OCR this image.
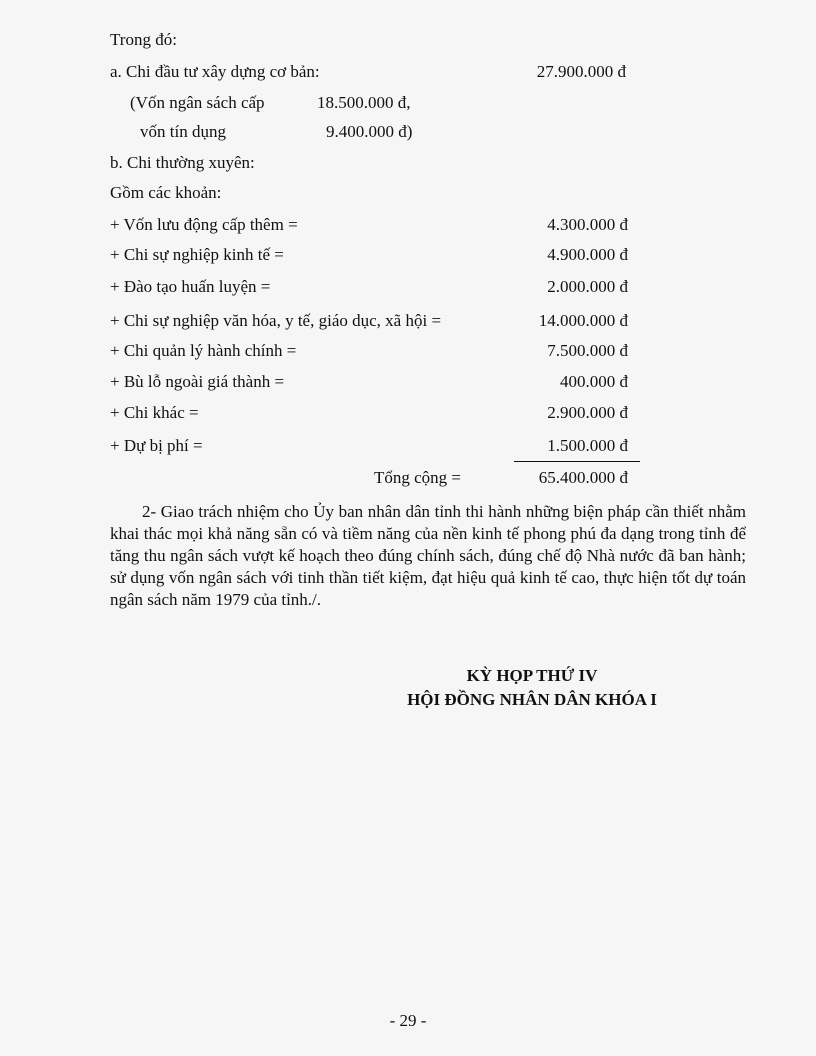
Trong đó:
a. Chi đầu tư xây dựng cơ bản:	27.900.000 đ
(Vốn ngân sách cấp	18.500.000 đ,
vốn tín dụng	9.400.000 đ)
b. Chi thường xuyên:
Gồm các khoản:
+ Vốn lưu động cấp thêm =	4.300.000 đ
+ Chi sự nghiệp kinh tế =	4.900.000 đ
+ Đào tạo huấn luyện =	2.000.000 đ
+ Chi sự nghiệp văn hóa, y tế, giáo dục, xã hội =	14.000.000 đ
+ Chi quản lý hành chính =	7.500.000 đ
+ Bù lỗ ngoài giá thành =	400.000 đ
+ Chi khác =	2.900.000 đ
+ Dự bị phí =	1.500.000 đ
Tổng cộng =	65.400.000 đ

2- Giao trách nhiệm cho Ủy ban nhân dân tỉnh thi hành những biện pháp cần thiết nhằm khai thác mọi khả năng sẵn có và tiềm năng của nền kinh tế phong phú đa dạng trong tỉnh để tăng thu ngân sách vượt kế hoạch theo đúng chính sách, đúng chế độ Nhà nước đã ban hành; sử dụng vốn ngân sách với tinh thần tiết kiệm, đạt hiệu quả kinh tế cao, thực hiện tốt dự toán ngân sách năm 1979 của tỉnh./.

KỲ HỌP THỨ IV
HỘI ĐỒNG NHÂN DÂN KHÓA I
- 29 -
